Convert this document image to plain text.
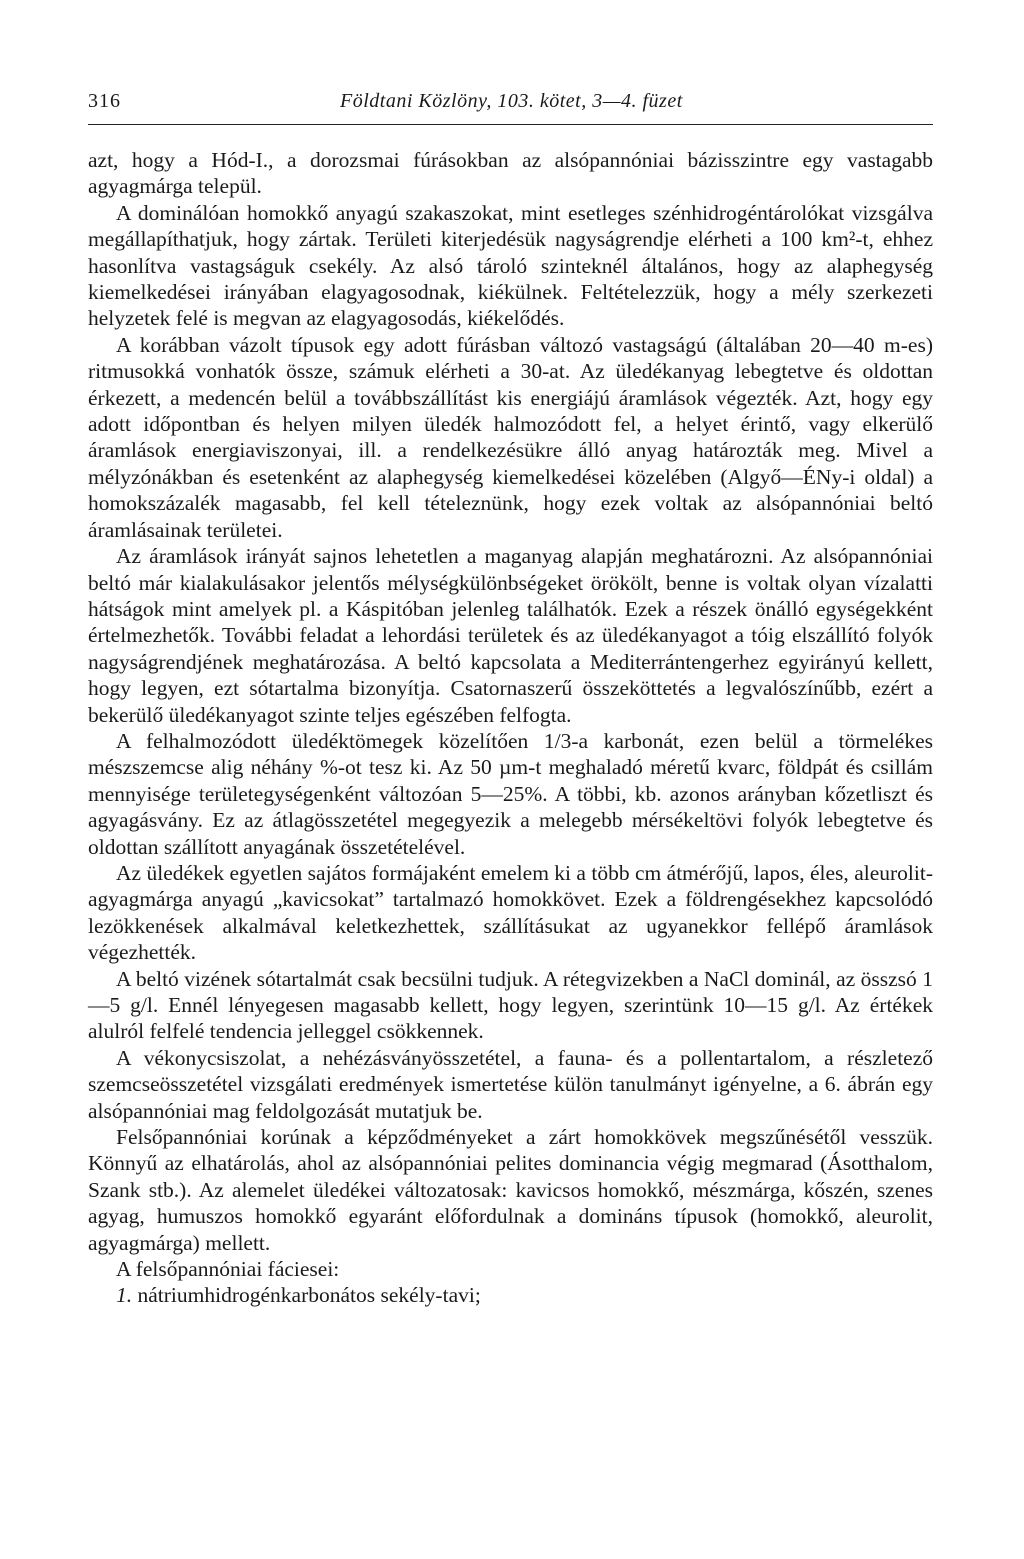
316	Földtani Közlöny, 103. kötet, 3—4. füzet

azt, hogy a Hód-I., a dorozsmai fúrásokban az alsópannóniai bázisszintre egy vastagabb agyagmárga települ.

A dominálóan homokkő anyagú szakaszokat, mint esetleges szénhidrogéntárolókat vizsgálva megállapíthatjuk, hogy zártak. Területi kiterjedésük nagyságrendje elérheti a 100 km²-t, ehhez hasonlítva vastagságuk csekély. Az alsó tároló szinteknél általános, hogy az alaphegység kiemelkedései irányában elagyagosodnak, kiékülnek. Feltételezzük, hogy a mély szerkezeti helyzetek felé is megvan az elagyagosodás, kiékelődés.

A korábban vázolt típusok egy adott fúrásban változó vastagságú (általában 20—40 m-es) ritmusokká vonhatók össze, számuk elérheti a 30-at. Az üledékanyag lebegtetve és oldottan érkezett, a medencén belül a továbbszállítást kis energiájú áramlások végezték. Azt, hogy egy adott időpontban és helyen milyen üledék halmozódott fel, a helyet érintő, vagy elkerülő áramlások energiaviszonyai, ill. a rendelkezésükre álló anyag határozták meg. Mivel a mélyzónákban és esetenként az alaphegység kiemelkedései közelében (Algyő—ÉNy-i oldal) a homokszázalék magasabb, fel kell tételeznünk, hogy ezek voltak az alsópannóniai beltó áramlásainak területei.

Az áramlások irányát sajnos lehetetlen a maganyag alapján meghatározni. Az alsópannóniai beltó már kialakulásakor jelentős mélységkülönbségeket örökölt, benne is voltak olyan vízalatti hátságok mint amelyek pl. a Káspitóban jelenleg találhatók. Ezek a részek önálló egységekként értelmezhetők. További feladat a lehordási területek és az üledékanyagot a tóig elszállító folyók nagyságrendjének meghatározása. A beltó kapcsolata a Mediterrántengerhez egyirányú kellett, hogy legyen, ezt sótartalma bizonyítja. Csatornaszerű összeköttetés a legvalószínűbb, ezért a bekerülő üledékanyagot szinte teljes egészében felfogta.

A felhalmozódott üledéktömegek közelítően 1/3-a karbonát, ezen belül a törmelékes mészszemcse alig néhány %-ot tesz ki. Az 50 µm-t meghaladó méretű kvarc, földpát és csillám mennyisége területegységenként változóan 5—25%. A többi, kb. azonos arányban kőzetliszt és agyagásvány. Ez az átlagösszetétel megegyezik a melegebb mérsékeltövi folyók lebegtetve és oldottan szállított anyagának összetételével.

Az üledékek egyetlen sajátos formájaként emelem ki a több cm átmérőjű, lapos, éles, aleurolit-agyagmárga anyagú „kavicsokat” tartalmazó homokkövet. Ezek a földrengésekhez kapcsolódó lezökkenések alkalmával keletkezhettek, szállításukat az ugyanekkor fellépő áramlások végezhették.

A beltó vizének sótartalmát csak becsülni tudjuk. A rétegvizekben a NaCl dominál, az összsó 1—5 g/l. Ennél lényegesen magasabb kellett, hogy legyen, szerintünk 10—15 g/l. Az értékek alulról felfelé tendencia jelleggel csökkennek.

A vékonycsiszolat, a nehézásványösszetétel, a fauna- és a pollentartalom, a részletező szemcseösszetétel vizsgálati eredmények ismertetése külön tanulmányt igényelne, a 6. ábrán egy alsópannóniai mag feldolgozását mutatjuk be.

Felsőpannóniai korúnak a képződményeket a zárt homokkövek megszűnésétől vesszük. Könnyű az elhatárolás, ahol az alsópannóniai pelites dominancia végig megmarad (Ásotthalom, Szank stb.). Az alemelet üledékei változatosak: kavicsos homokkő, mészmárga, kőszén, szenes agyag, humuszos homokkő egyaránt előfordulnak a domináns típusok (homokkő, aleurolit, agyagmárga) mellett.

A felsőpannóniai fáciesei:

1. nátriumhidrogénkarbonátos sekély-tavi;
